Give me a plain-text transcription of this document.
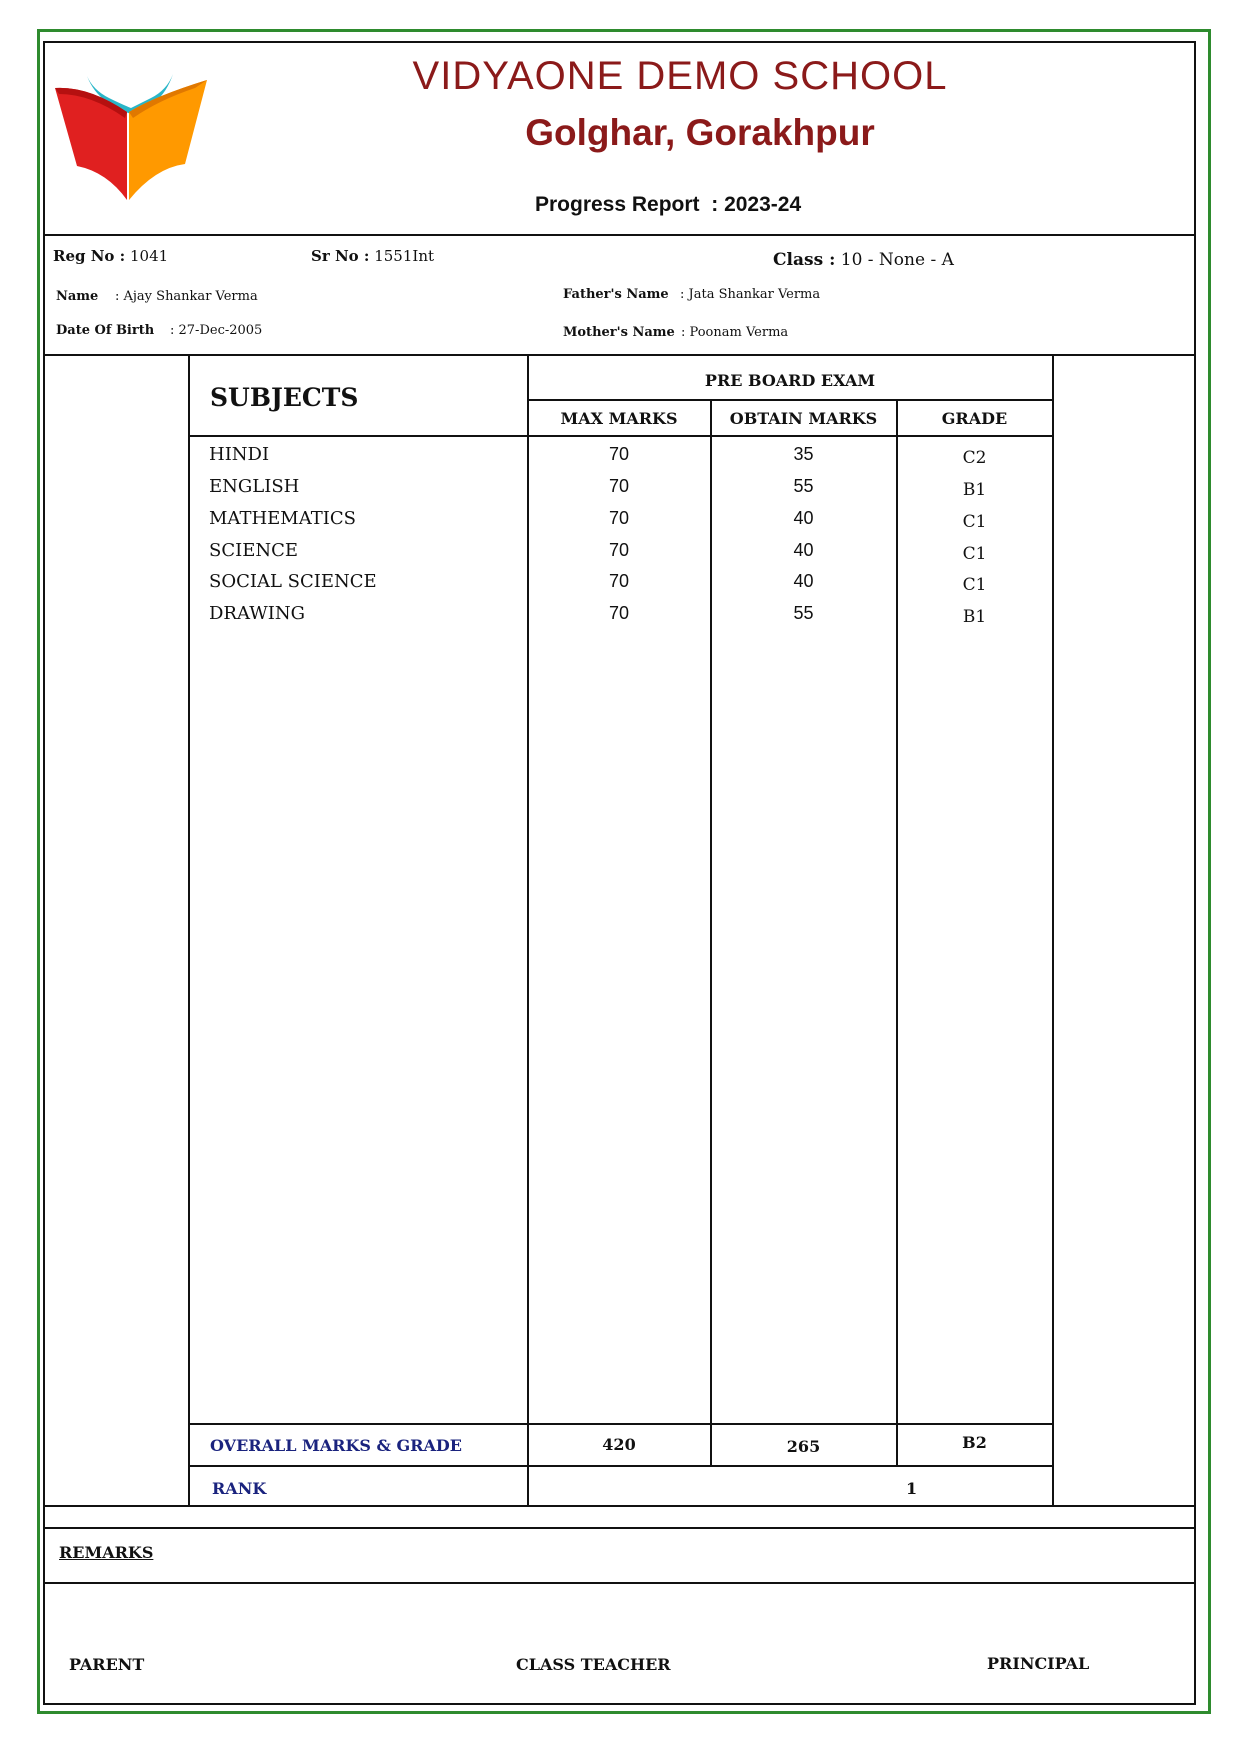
VIDYAONE DEMO SCHOOL
Golghar, Gorakhpur
Progress Report : 2023-24
Reg No : 1041	Sr No : 1551Int	Class : 10 - None - A
Name : Ajay Shankar Verma
Date Of Birth : 27-Dec-2005
Father's Name : Jata Shankar Verma
Mother's Name : Poonam Verma
SUBJECTS
PRE BOARD EXAM
MAX MARKS	OBTAIN MARKS	GRADE
HINDI	70	35	C2
ENGLISH	70	55	B1
MATHEMATICS	70	40	C1
SCIENCE	70	40	C1
SOCIAL SCIENCE	70	40	C1
DRAWING	70	55	B1
OVERALL MARKS & GRADE	420	265	B2
RANK	1
REMARKS
PARENT	CLASS TEACHER	PRINCIPAL
